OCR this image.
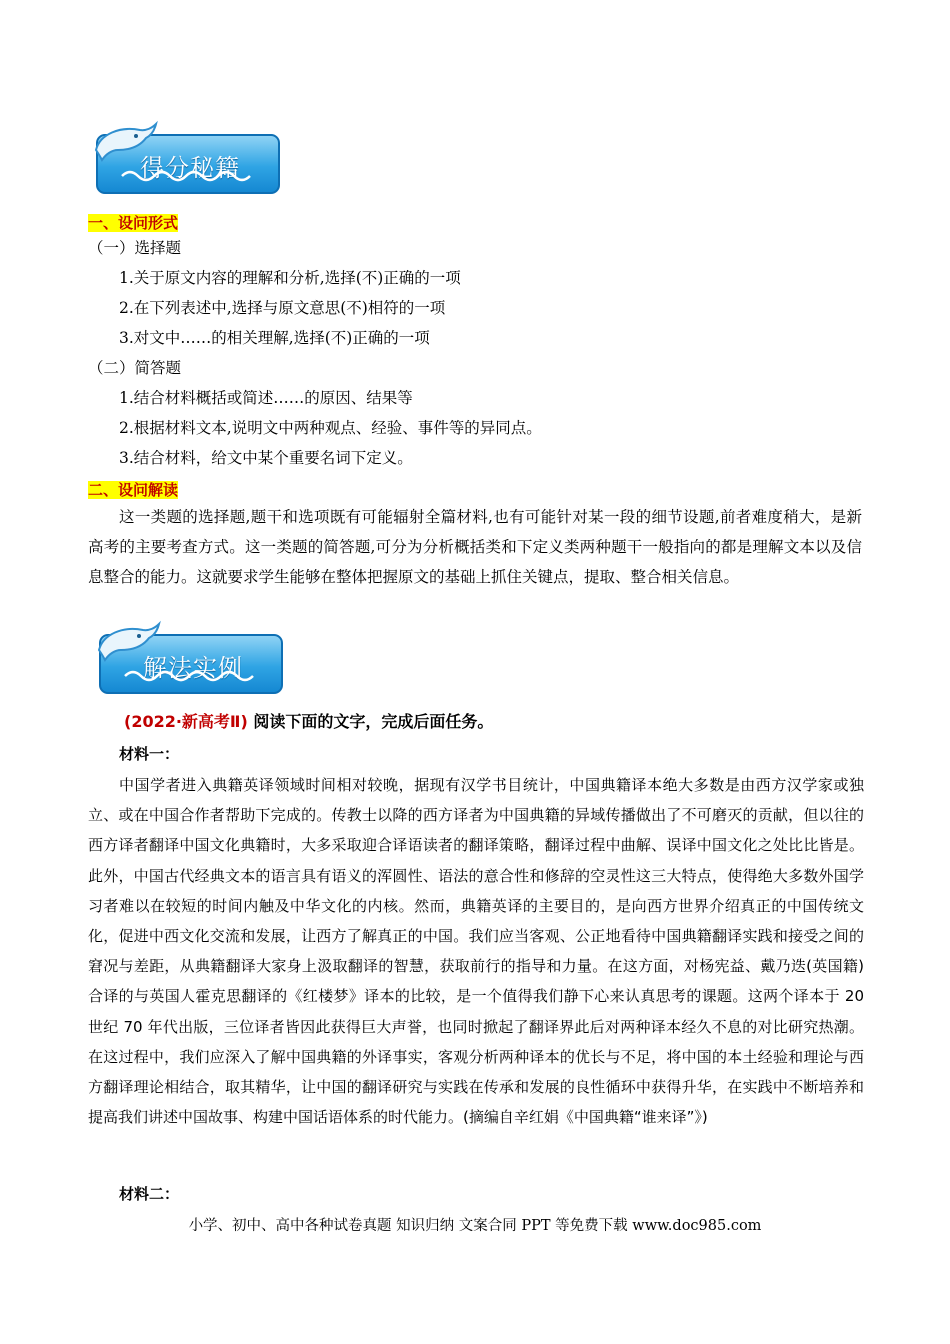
得分秘籍
一、设问形式
（一）选择题
1.关于原文内容的理解和分析,选择(不)正确的一项
2.在下列表述中,选择与原文意思(不)相符的一项
3.对文中……的相关理解,选择(不)正确的一项
（二）简答题
1.结合材料概括或简述……的原因、结果等
2.根据材料文本,说明文中两种观点、经验、事件等的异同点。
3.结合材料，给文中某个重要名词下定义。
二、设问解读
这一类题的选择题,题干和选项既有可能辐射全篇材料,也有可能针对某一段的细节设题,前者难度稍大，是新高考的主要考查方式。这一类题的简答题,可分为分析概括类和下定义类两种题干一般指向的都是理解文本以及信息整合的能力。这就要求学生能够在整体把握原文的基础上抓住关键点，提取、整合相关信息。
解法实例
(2022·新高考Ⅱ) 阅读下面的文字，完成后面任务。
材料一：
中国学者进入典籍英译领域时间相对较晚，据现有汉学书目统计，中国典籍译本绝大多数是由西方汉学家或独立、或在中国合作者帮助下完成的。传教士以降的西方译者为中国典籍的异域传播做出了不可磨灭的贡献，但以往的西方译者翻译中国文化典籍时，大多采取迎合译语读者的翻译策略，翻译过程中曲解、误译中国文化之处比比皆是。此外，中国古代经典文本的语言具有语义的浑圆性、语法的意合性和修辞的空灵性这三大特点，使得绝大多数外国学习者难以在较短的时间内触及中华文化的内核。然而，典籍英译的主要目的，是向西方世界介绍真正的中国传统文化，促进中西文化交流和发展，让西方了解真正的中国。我们应当客观、公正地看待中国典籍翻译实践和接受之间的窘况与差距，从典籍翻译大家身上汲取翻译的智慧，获取前行的指导和力量。在这方面，对杨宪益、戴乃迭(英国籍)合译的与英国人霍克思翻译的《红楼梦》译本的比较，是一个值得我们静下心来认真思考的课题。这两个译本于 20 世纪 70 年代出版，三位译者皆因此获得巨大声誉，也同时掀起了翻译界此后对两种译本经久不息的对比研究热潮。在这过程中，我们应深入了解中国典籍的外译事实，客观分析两种译本的优长与不足，将中国的本土经验和理论与西方翻译理论相结合，取其精华，让中国的翻译研究与实践在传承和发展的良性循环中获得升华，在实践中不断培养和提高我们讲述中国故事、构建中国话语体系的时代能力。(摘编自辛红娟《中国典籍“谁来译”》)
材料二：
小学、初中、高中各种试卷真题 知识归纳 文案合同 PPT 等免费下载 www.doc985.com
